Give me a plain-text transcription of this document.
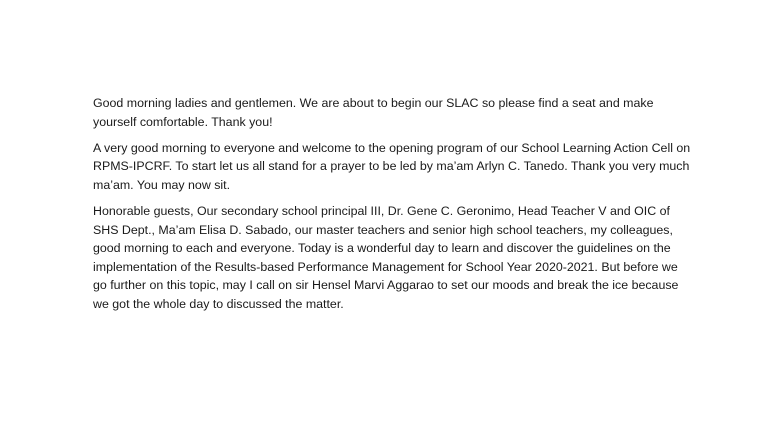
Good morning ladies and gentlemen. We are about to begin our SLAC so please find a seat and make yourself comfortable. Thank you!

A very good morning to everyone and welcome to the opening program of our School Learning Action Cell on RPMS-IPCRF. To start let us all stand for a prayer to be led by ma’am Arlyn C. Tanedo. Thank you very much ma’am. You may now sit.

Honorable guests, Our secondary school principal III, Dr. Gene C. Geronimo, Head Teacher V and OIC of SHS Dept., Ma’am Elisa D. Sabado, our master teachers and senior high school teachers, my colleagues, good morning to each and everyone. Today is a wonderful day to learn and discover the guidelines on the implementation of the Results-based Performance Management for School Year 2020-2021. But before we go further on this topic, may I call on sir Hensel Marvi Aggarao to set our moods and break the ice because we got the whole day to discussed the matter.
